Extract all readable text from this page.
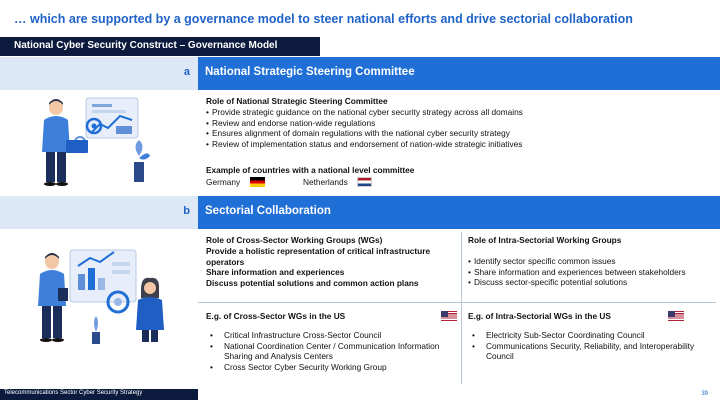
… which are supported by a governance model to steer national efforts and drive sectorial collaboration
National Cyber Security Construct – Governance Model
a National Strategic Steering Committee
Role of National Strategic Steering Committee
• Provide strategic guidance on the national cyber security strategy across all domains
• Review and endorse nation-wide regulations
• Ensures alignment of domain regulations with the national cyber security strategy
• Review of implementation status and endorsement of nation-wide strategic initiatives
Example of countries with a national level committee
Germany	Netherlands
b Sectorial Collaboration
Role of Cross-Sector Working Groups (WGs)
Provide a holistic representation of critical infrastructure operators
Share information and experiences
Discuss potential solutions and common action plans
Role of Intra-Sectorial Working Groups
• Identify sector specific common issues
• Share information and experiences between stakeholders
• Discuss sector-specific potential solutions
E.g. of Cross-Sector WGs in the US
• Critical Infrastructure Cross-Sector Council
• National Coordination Center / Communication Information Sharing and Analysis Centers
• Cross Sector Cyber Security Working Group
E.g. of Intra-Sectorial WGs in the US
• Electricity Sub-Sector Coordinating Council
• Communications Security, Reliability, and Interoperability Council
Telecommunications Sector Cyber Security Strategy	39
